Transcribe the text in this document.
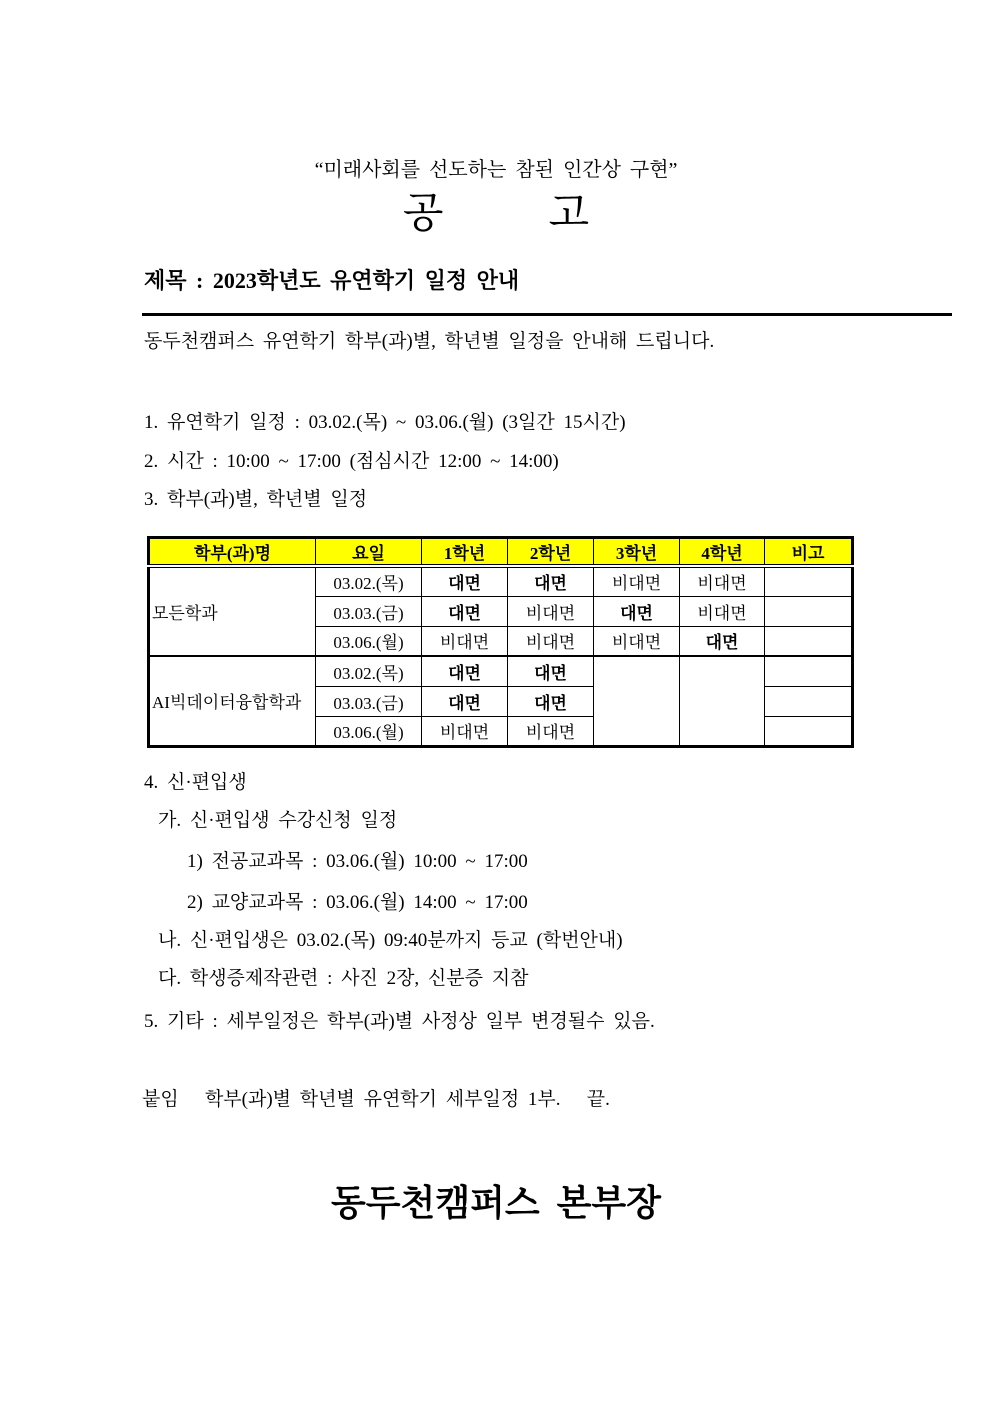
“미래사회를 선도하는 참된 인간상 구현”
공          고
제목 : 2023학년도 유연학기 일정 안내
동두천캠퍼스 유연학기 학부(과)별, 학년별 일정을 안내해 드립니다.
1. 유연학기 일정 : 03.02.(목) ~ 03.06.(월) (3일간 15시간)
2. 시간 : 10:00 ~ 17:00 (점심시간 12:00 ~ 14:00)
3. 학부(과)별, 학년별 일정
학부(과)명	요일	1학년	2학년	3학년	4학년	비고
모든학과	03.02.(목)	대면	대면	비대면	비대면	
	03.03.(금)	대면	비대면	대면	비대면	
	03.06.(월)	비대면	비대면	비대면	대면	
AI빅데이터융합학과	03.02.(목)	대면	대면			
	03.03.(금)	대면	대면			
	03.06.(월)	비대면	비대면			
4. 신·편입생
가. 신·편입생 수강신청 일정
1) 전공교과목 : 03.06.(월) 10:00 ~ 17:00
2) 교양교과목 : 03.06.(월) 14:00 ~ 17:00
나. 신·편입생은 03.02.(목) 09:40분까지 등교 (학번안내)
다. 학생증제작관련 : 사진 2장, 신분증 지참
5. 기타 : 세부일정은 학부(과)별 사정상 일부 변경될수 있음.
붙임   학부(과)별 학년별 유연학기 세부일정 1부.   끝.
동두천캠퍼스 본부장
